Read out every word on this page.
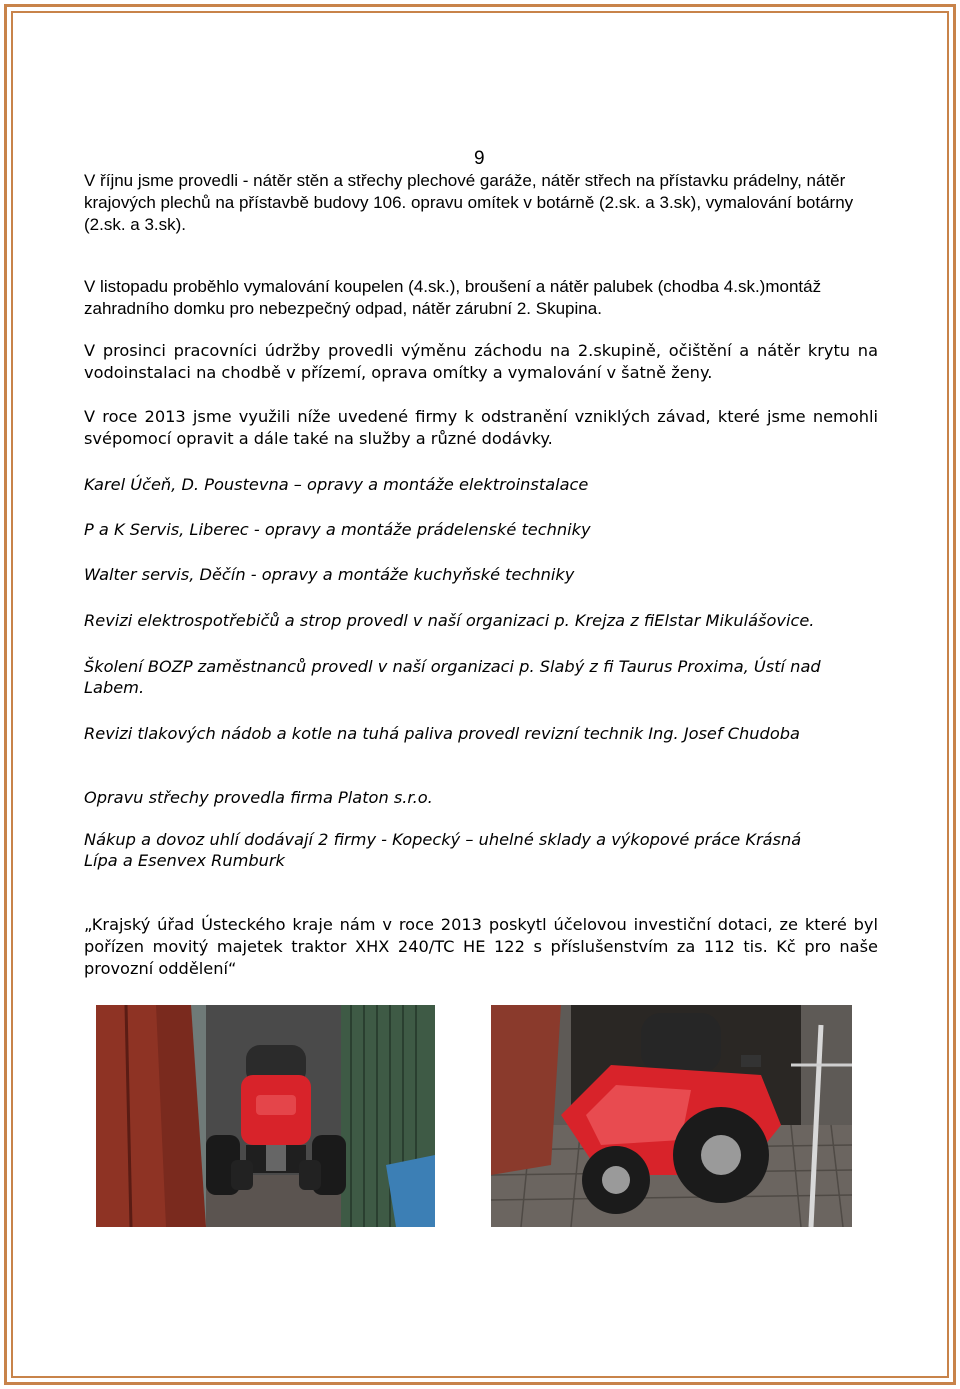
9

V říjnu jsme provedli - nátěr stěn a střechy plechové garáže, nátěr střech na přístavku prádelny, nátěr krajových plechů na přístavbě budovy 106. opravu omítek v botárně (2.sk. a 3.sk), vymalování botárny (2.sk. a 3.sk).

V listopadu proběhlo vymalování koupelen (4.sk.), broušení a nátěr palubek (chodba 4.sk.)montáž zahradního domku pro nebezpečný odpad, nátěr zárubní 2. Skupina.

V prosinci pracovníci údržby provedli výměnu záchodu na 2.skupině, očištění a nátěr krytu na vodoinstalaci na chodbě v přízemí, oprava omítky a vymalování v šatně ženy.

V roce 2013 jsme využili níže uvedené firmy k odstranění vzniklých závad, které jsme nemohli svépomocí opravit a dále také na služby a různé dodávky.

Karel Účeň, D. Poustevna – opravy a montáže elektroinstalace

P a K Servis, Liberec - opravy a montáže prádelenské techniky

Walter servis, Děčín - opravy a montáže kuchyňské techniky

Revizi elektrospotřebičů a strop provedl v naší organizaci p. Krejza z fiElstar Mikulášovice.

Školení BOZP zaměstnanců provedl v naší organizaci p. Slabý z fi Taurus Proxima, Ústí nad Labem.

Revizi tlakových nádob a kotle na tuhá paliva provedl revizní technik Ing. Josef Chudoba

Opravu střechy provedla firma Platon s.r.o.

Nákup a dovoz uhlí dodávají 2 firmy - Kopecký – uhelné sklady a výkopové práce Krásná Lípa a Esenvex Rumburk

„Krajský úřad Ústeckého kraje nám v roce 2013 poskytl účelovou investiční dotaci, ze které byl pořízen movitý majetek traktor XHX 240/TC HE 122 s příslušenstvím za 112 tis. Kč pro naše provozní oddělení“
